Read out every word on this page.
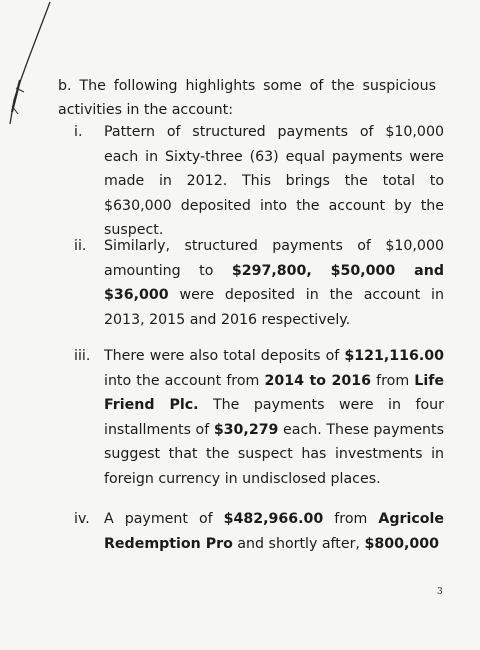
b. The following highlights some of the suspicious activities in the account:
i.	Pattern of structured payments of $10,000 each in Sixty-three (63) equal payments were made in 2012. This brings the total to $630,000 deposited into the account by the suspect.
ii.	Similarly, structured payments of $10,000 amounting to $297,800, $50,000 and $36,000 were deposited in the account in 2013, 2015 and 2016 respectively.
iii. There were also total deposits of $121,116.00 into the account from 2014 to 2016 from Life Friend Plc. The payments were in four installments of $30,279 each. These payments suggest that the suspect has investments in foreign currency in undisclosed places.
iv.	A payment of $482,966.00 from Agricole Redemption Pro and shortly after, $800,000
3
